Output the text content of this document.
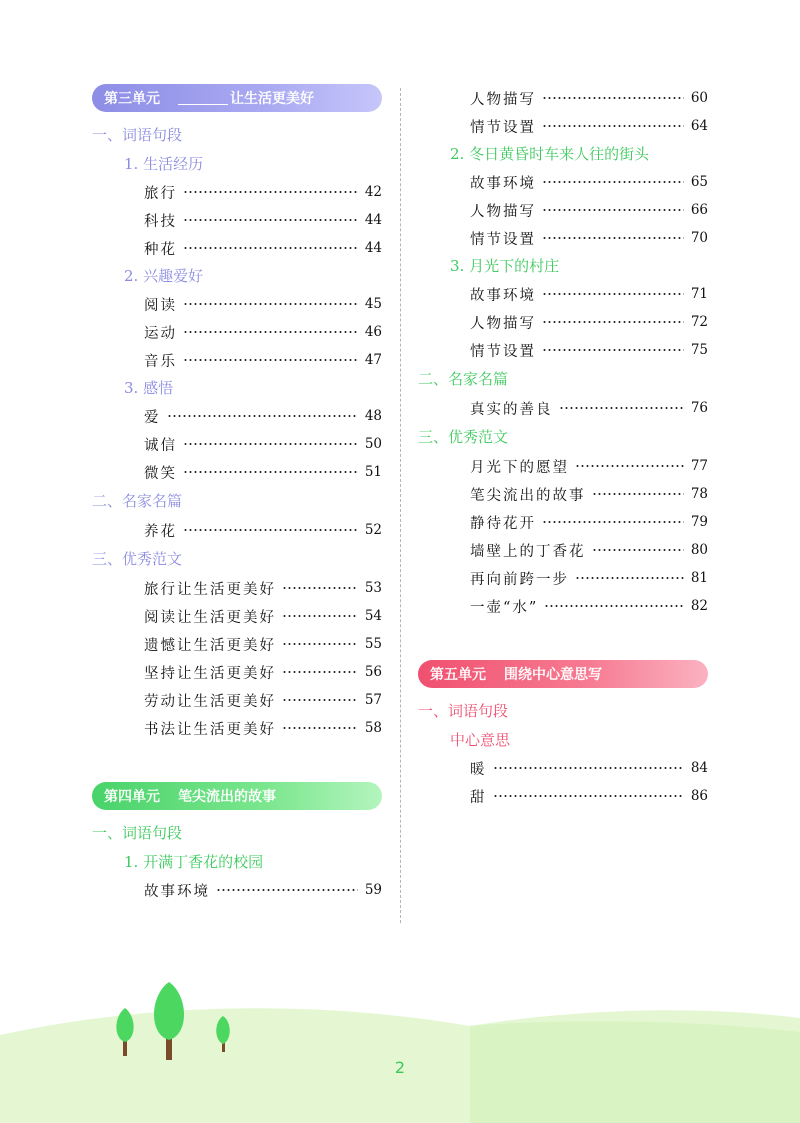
第三单元	让生活更美好
一、词语句段
1. 生活经历
旅行	42
科技	44
种花	44
2. 兴趣爱好
阅读	45
运动	46
音乐	47
3. 感悟
爱	48
诚信	50
微笑	51
二、名家名篇
养花	52
三、优秀范文
旅行让生活更美好	53
阅读让生活更美好	54
遗憾让生活更美好	55
坚持让生活更美好	56
劳动让生活更美好	57
书法让生活更美好	58
第四单元 笔尖流出的故事
一、词语句段
1. 开满丁香花的校园
故事环境	59
人物描写	60
情节设置	64
2. 冬日黄昏时车来人往的街头
故事环境	65
人物描写	66
情节设置	70
3. 月光下的村庄
故事环境	71
人物描写	72
情节设置	75
二、名家名篇
真实的善良	76
三、优秀范文
月光下的愿望	77
笔尖流出的故事	78
静待花开	79
墙壁上的丁香花	80
再向前跨一步	81
一壶“水”	82
第五单元 围绕中心意思写
一、词语句段
中心意思
暖	84
甜	86
2
